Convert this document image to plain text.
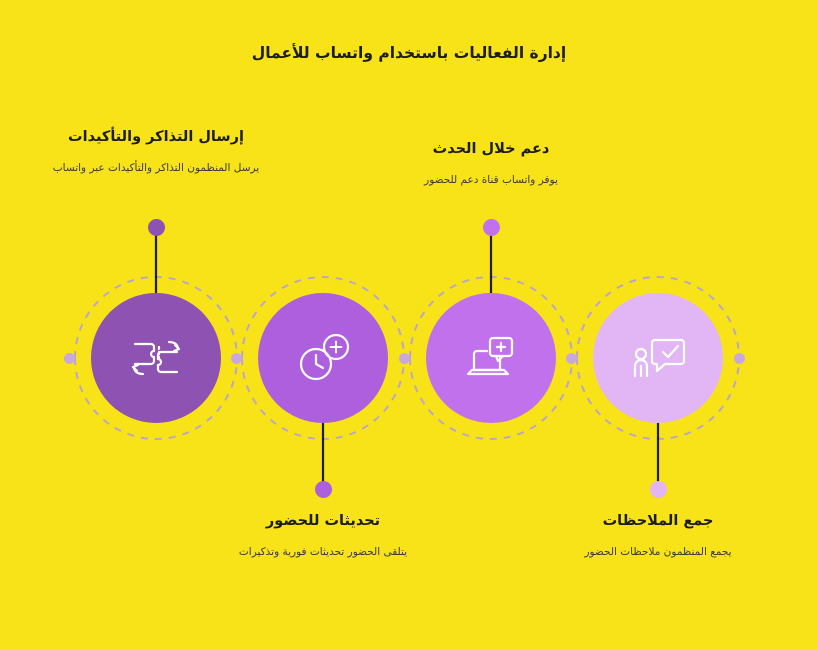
إدارة الفعاليات باستخدام واتساب للأعمال
إرسال التذاكر والتأكيدات
يرسل المنظمون التذاكر والتأكيدات عبر واتساب
تحديثات للحضور
يتلقى الحضور تحديثات فورية وتذكيرات
دعم خلال الحدث
يوفر واتساب قناة دعم للحضور
جمع الملاحظات
يجمع المنظمون ملاحظات الحضور
